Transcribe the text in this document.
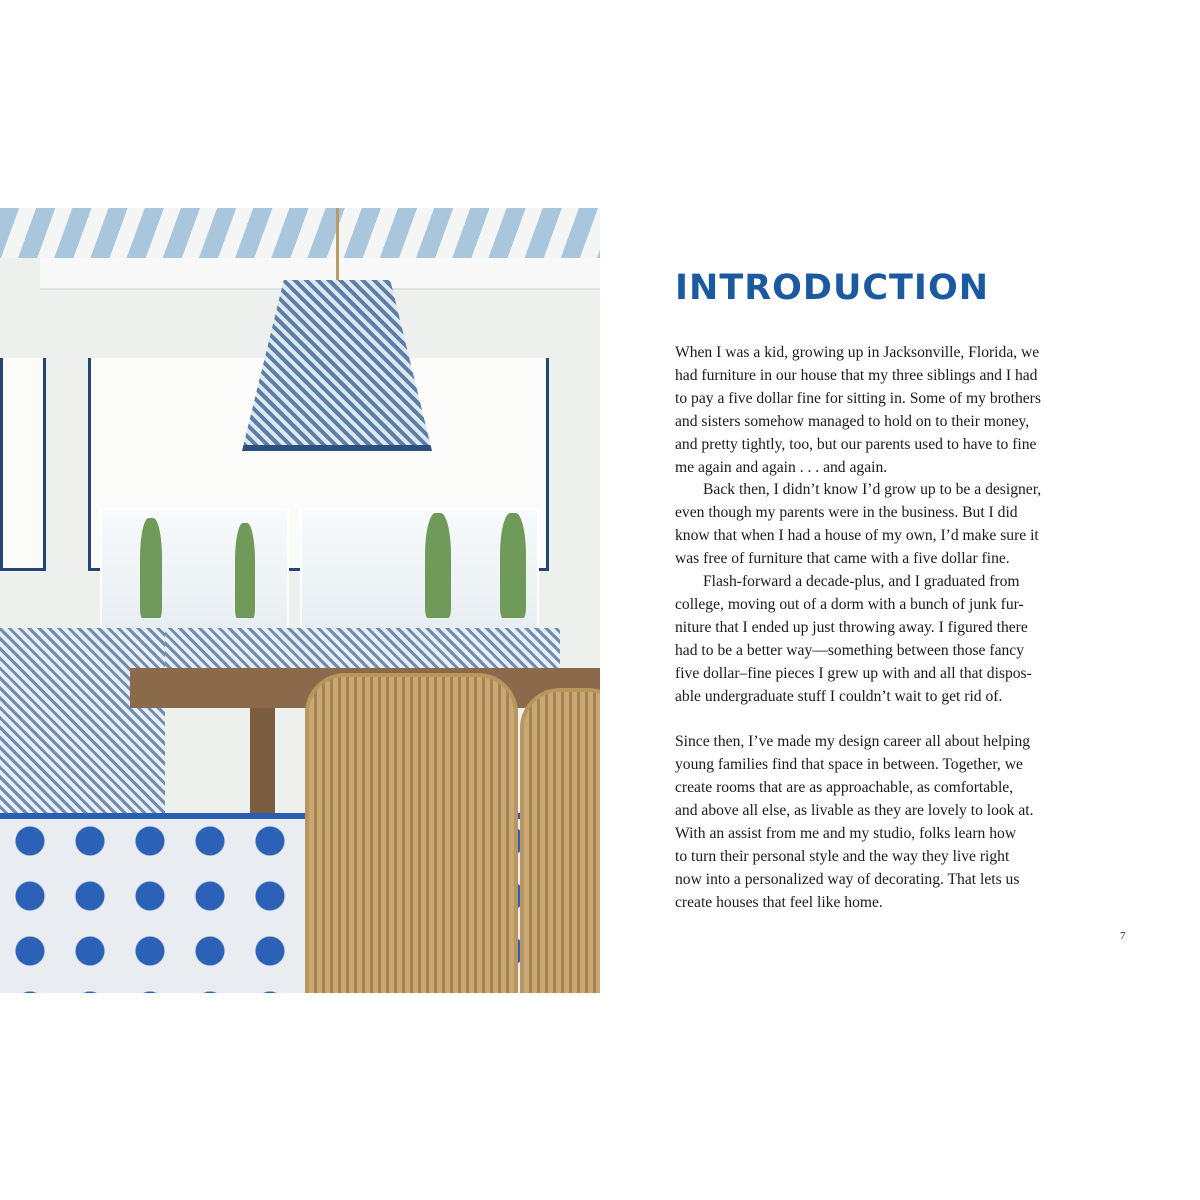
INTRODUCTION
When I was a kid, growing up in Jacksonville, Florida, we
had furniture in our house that my three siblings and I had
to pay a five dollar fine for sitting in. Some of my brothers
and sisters somehow managed to hold on to their money,
and pretty tightly, too, but our parents used to have to fine
me again and again . . . and again.
Back then, I didn’t know I’d grow up to be a designer,
even though my parents were in the business. But I did
know that when I had a house of my own, I’d make sure it
was free of furniture that came with a five dollar fine.
Flash-forward a decade-plus, and I graduated from
college, moving out of a dorm with a bunch of junk fur-
niture that I ended up just throwing away. I figured there
had to be a better way—something between those fancy
five dollar–fine pieces I grew up with and all that dispos-
able undergraduate stuff I couldn’t wait to get rid of.
Since then, I’ve made my design career all about helping
young families find that space in between. Together, we
create rooms that are as approachable, as comfortable,
and above all else, as livable as they are lovely to look at.
With an assist from me and my studio, folks learn how
to turn their personal style and the way they live right
now into a personalized way of decorating. That lets us
create houses that feel like home.
7
